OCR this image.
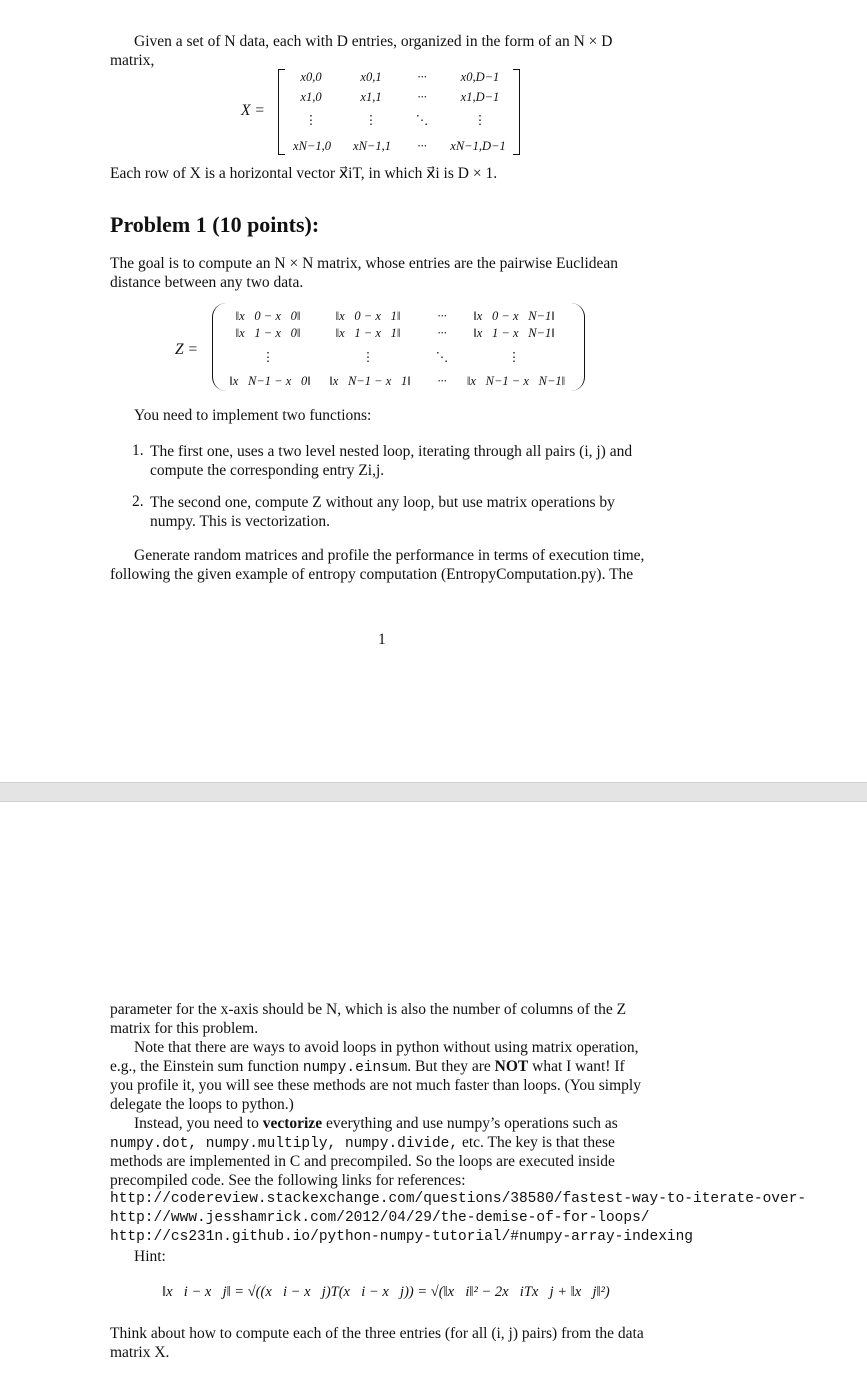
Given a set of N data, each with D entries, organized in the form of an N × D
matrix,
X =
x0,0	x0,1	···	x0,D−1
x1,0	x1,1	···	x1,D−1
⋮	⋮	⋱	⋮
xN−1,0	xN−1,1	···	xN−1,D−1
Each row of X is a horizontal vector x⃗iT, in which x⃗i is D × 1.
Problem 1 (10 points):
The goal is to compute an N × N matrix, whose entries are the pairwise Euclidean
distance between any two data.
Z =
‖x⃗0 − x⃗0‖	‖x⃗0 − x⃗1‖	···	‖x⃗0 − x⃗N−1‖
‖x⃗1 − x⃗0‖	‖x⃗1 − x⃗1‖	···	‖x⃗1 − x⃗N−1‖
⋮	⋮	⋱	⋮
‖x⃗N−1 − x⃗0‖	‖x⃗N−1 − x⃗1‖	···	‖x⃗N−1 − x⃗N−1‖
You need to implement two functions:
1. The first one, uses a two level nested loop, iterating through all pairs (i, j) and
compute the corresponding entry Zi,j.
2. The second one, compute Z without any loop, but use matrix operations by
numpy. This is vectorization.
Generate random matrices and profile the performance in terms of execution time,
following the given example of entropy computation (EntropyComputation.py). The
1
parameter for the x-axis should be N, which is also the number of columns of the Z
matrix for this problem.
Note that there are ways to avoid loops in python without using matrix operation,
e.g., the Einstein sum function numpy.einsum. But they are NOT what I want! If
you profile it, you will see these methods are not much faster than loops. (You simply
delegate the loops to python.)
Instead, you need to vectorize everything and use numpy’s operations such as
numpy.dot, numpy.multiply, numpy.divide, etc. The key is that these
methods are implemented in C and precompiled. So the loops are executed inside
precompiled code. See the following links for references:
http://codereview.stackexchange.com/questions/38580/fastest-way-to-iterate-over-
http://www.jesshamrick.com/2012/04/29/the-demise-of-for-loops/
http://cs231n.github.io/python-numpy-tutorial/#numpy-array-indexing
Hint:
‖x⃗i − x⃗j‖ = √((x⃗i − x⃗j)T(x⃗i − x⃗j)) = √(‖x⃗i‖² − 2x⃗iTx⃗j + ‖x⃗j‖²)
Think about how to compute each of the three entries (for all (i, j) pairs) from the data
matrix X.
